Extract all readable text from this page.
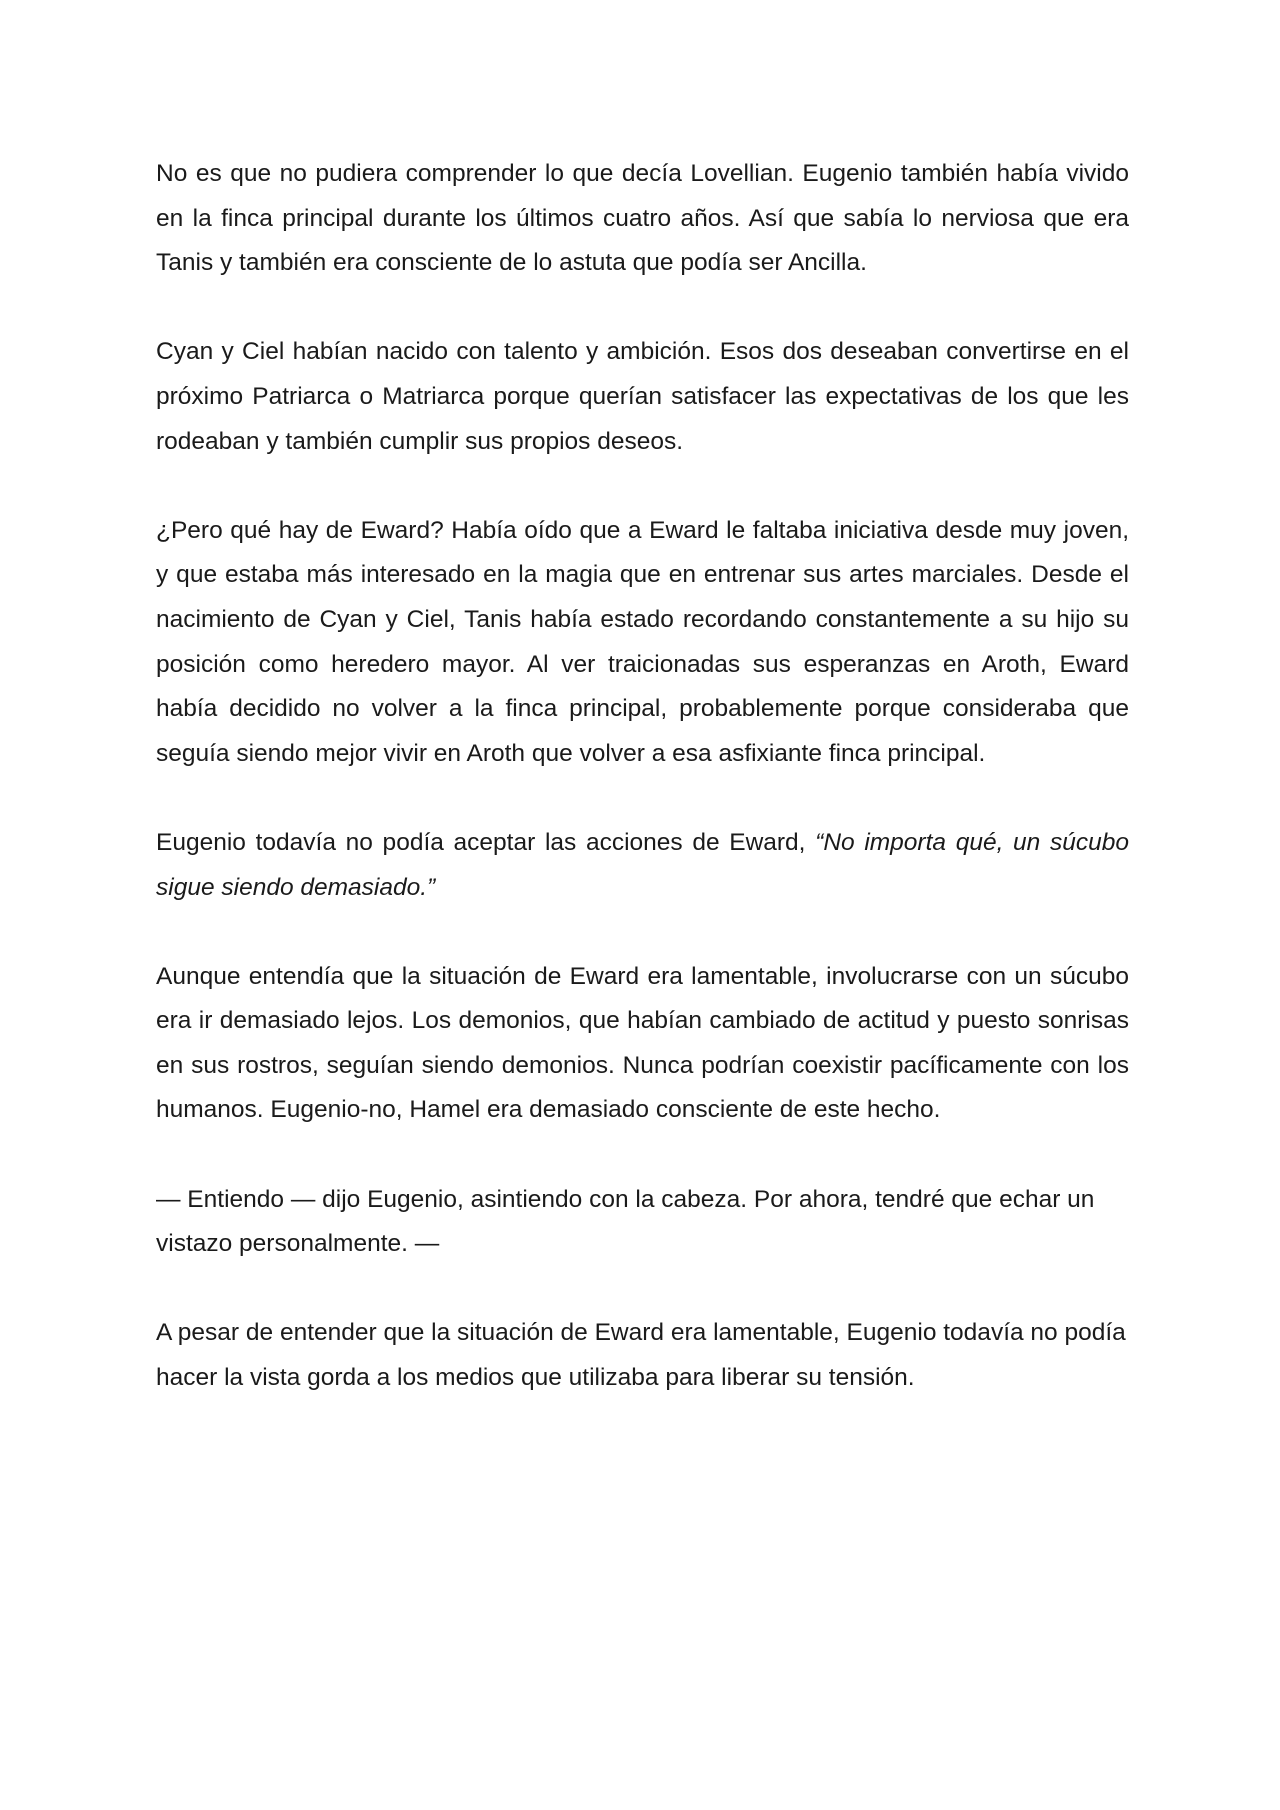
No es que no pudiera comprender lo que decía Lovellian. Eugenio también había vivido en la finca principal durante los últimos cuatro años. Así que sabía lo nerviosa que era Tanis y también era consciente de lo astuta que podía ser Ancilla.

Cyan y Ciel habían nacido con talento y ambición. Esos dos deseaban convertirse en el próximo Patriarca o Matriarca porque querían satisfacer las expectativas de los que les rodeaban y también cumplir sus propios deseos.

¿Pero qué hay de Eward? Había oído que a Eward le faltaba iniciativa desde muy joven, y que estaba más interesado en la magia que en entrenar sus artes marciales. Desde el nacimiento de Cyan y Ciel, Tanis había estado recordando constantemente a su hijo su posición como heredero mayor. Al ver traicionadas sus esperanzas en Aroth, Eward había decidido no volver a la finca principal, probablemente porque consideraba que seguía siendo mejor vivir en Aroth que volver a esa asfixiante finca principal.

Eugenio todavía no podía aceptar las acciones de Eward, “No importa qué, un súcubo sigue siendo demasiado.”

Aunque entendía que la situación de Eward era lamentable, involucrarse con un súcubo era ir demasiado lejos. Los demonios, que habían cambiado de actitud y puesto sonrisas en sus rostros, seguían siendo demonios. Nunca podrían coexistir pacíficamente con los humanos. Eugenio-no, Hamel era demasiado consciente de este hecho.

— Entiendo — dijo Eugenio, asintiendo con la cabeza. Por ahora, tendré que echar un vistazo personalmente. —

A pesar de entender que la situación de Eward era lamentable, Eugenio todavía no podía hacer la vista gorda a los medios que utilizaba para liberar su tensión.
